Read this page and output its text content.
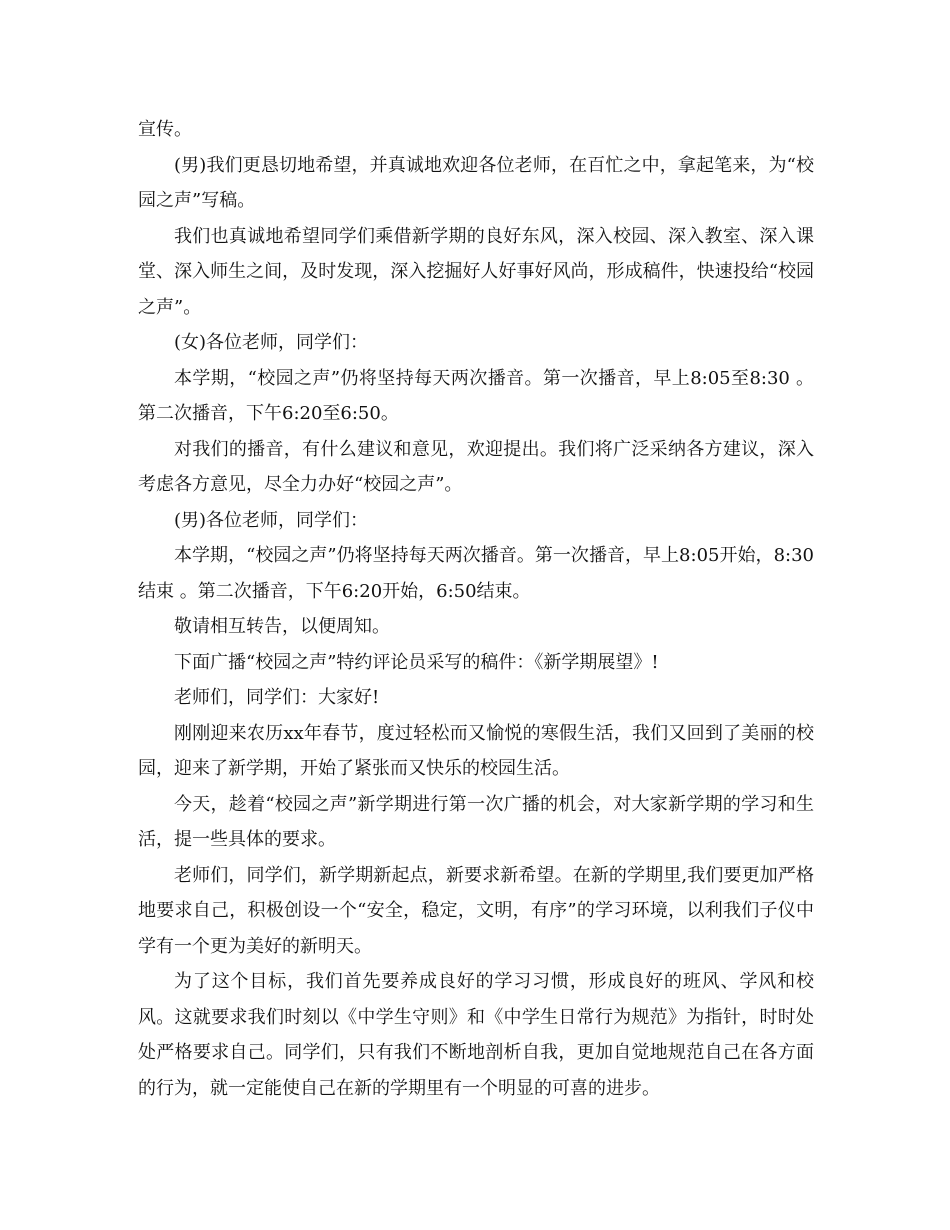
宣传。

(男)我们更恳切地希望，并真诚地欢迎各位老师，在百忙之中，拿起笔来，为“校园之声”写稿。

我们也真诚地希望同学们乘借新学期的良好东风，深入校园、深入教室、深入课堂、深入师生之间，及时发现，深入挖掘好人好事好风尚，形成稿件，快速投给“校园之声”。

(女)各位老师，同学们：

本学期，“校园之声”仍将坚持每天两次播音。第一次播音，早上8:05至8:30 。第二次播音，下午6:20至6:50。

对我们的播音，有什么建议和意见，欢迎提出。我们将广泛采纳各方建议，深入考虑各方意见，尽全力办好“校园之声”。

(男)各位老师，同学们：

本学期，“校园之声”仍将坚持每天两次播音。第一次播音，早上8:05开始，8:30结束 。第二次播音，下午6:20开始，6:50结束。

敬请相互转告，以便周知。

下面广播“校园之声”特约评论员采写的稿件：《新学期展望》!

老师们，同学们：大家好!

刚刚迎来农历xx年春节，度过轻松而又愉悦的寒假生活，我们又回到了美丽的校园，迎来了新学期，开始了紧张而又快乐的校园生活。

今天，趁着“校园之声”新学期进行第一次广播的机会，对大家新学期的学习和生活，提一些具体的要求。

老师们，同学们，新学期新起点，新要求新希望。在新的学期里,我们要更加严格地要求自己，积极创设一个“安全，稳定，文明，有序”的学习环境，以利我们子仪中学有一个更为美好的新明天。

为了这个目标，我们首先要养成良好的学习习惯，形成良好的班风、学风和校风。这就要求我们时刻以《中学生守则》和《中学生日常行为规范》为指针，时时处处严格要求自己。同学们，只有我们不断地剖析自我，更加自觉地规范自己在各方面的行为，就一定能使自己在新的学期里有一个明显的可喜的进步。
